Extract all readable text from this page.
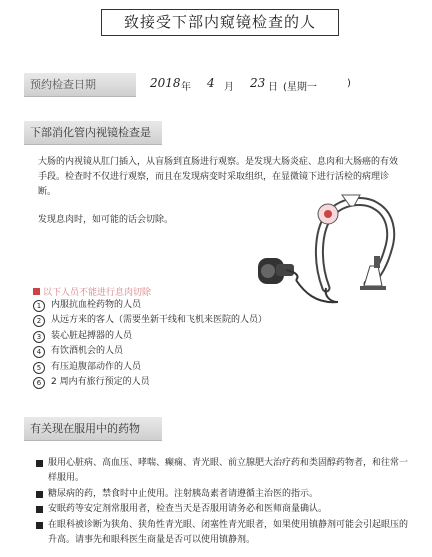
致接受下部内窥镜检查的人
预约检查日期	2018 年 4 月 23 日 (星期一	)
下部消化管内视镜检查是

大肠的内视镜从肛门插入，从盲肠到直肠进行观察。是发现大肠炎症、息肉和大肠癌的有效手段。检查时不仅进行观察，而且在发现病变时采取组织，在显微镜下进行活检的病理诊断。

发现息肉时，如可能的话会切除。

以下人员不能进行息肉切除
1 内服抗血栓药物的人员
2 从远方来的客人（需要坐新干线和飞机来医院的人员）
3 装心脏起搏器的人员
4 有饮酒机会的人员
5 有压迫腹部动作的人员
6 2 周内有旅行预定的人员
有关现在服用中的药物
服用心脏病、高血压、哮喘、癫痫、青光眼、前立腺肥大治疗药和类固醇药物者，和往常一样服用。
糖尿病的药，禁食时中止使用。注射胰岛素者请遵循主治医的指示。
安眠药等安定剂常服用者，检查当天是否服用请务必和医师商量确认。
在眼科被诊断为狭角、狭角性青光眼、闭塞性青光眼者，如果使用镇静剂可能会引起眼压的升高。请事先和眼科医生商量是否可以使用镇静剂。
